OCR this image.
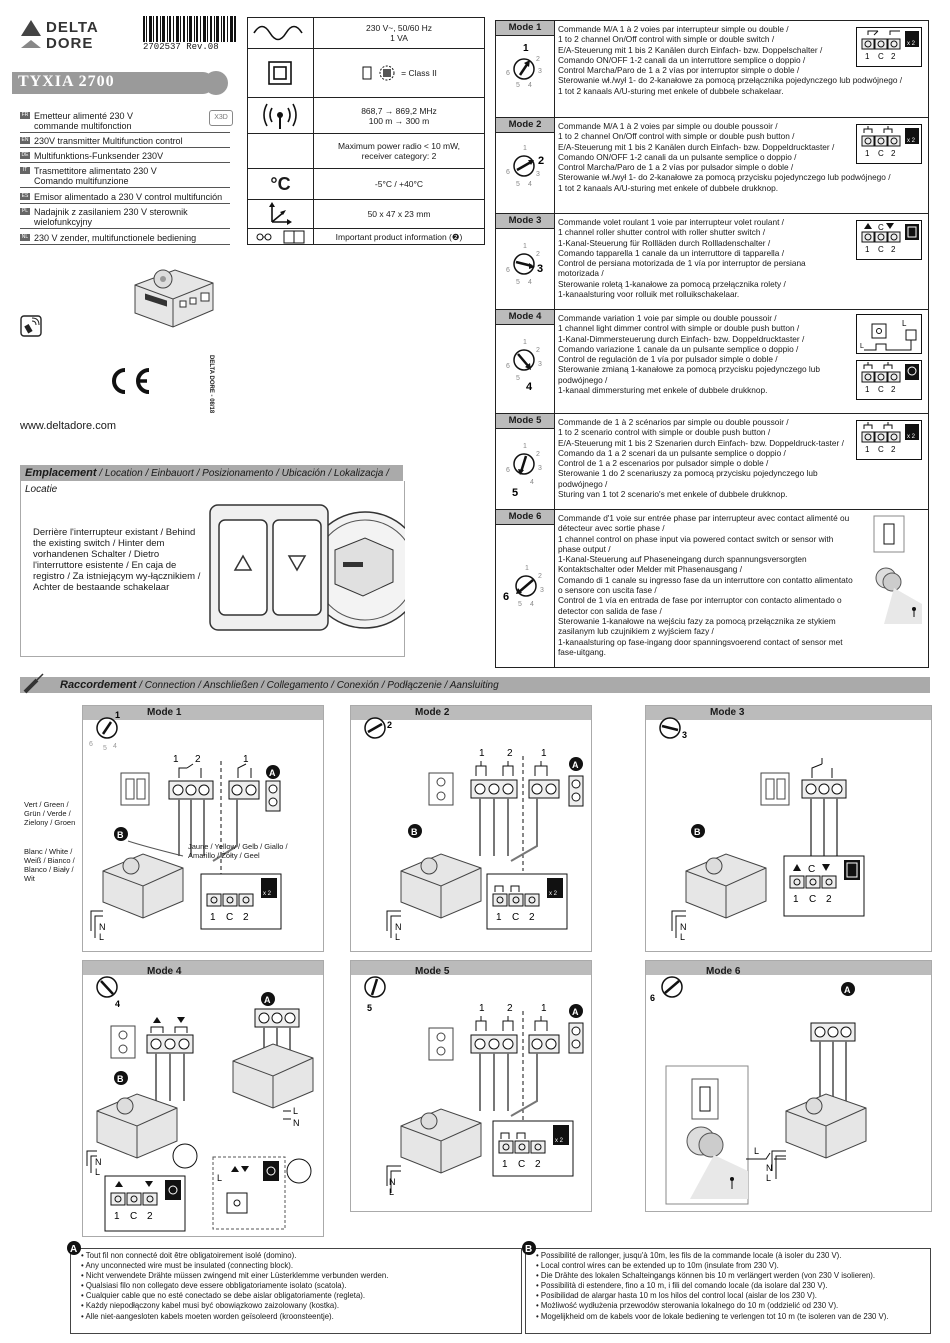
DELTA
DORE	2702537 Rev.08
TYXIA 2700
X3D
FR Emetteur alimenté 230 V commande multifonction
EN 230V transmitter Multifunction control
DE Multifunktions-Funksender 230V
IT Trasmettitore alimentato 230 V Comando multifunzione
ES Emisor alimentado a 230 V control multifunción
PL Nadajnik z zasilaniem 230 V sterownik wielofunkcyjny
NL 230 V zender, multifunctionele bediening
DELTA DORE - 08/18
www.deltadore.com
230 V~, 50/60 Hz
1 VA
= Class II
868,7 → 869,2 MHz
100 m → 300 m
Maximum power radio < 10 mW,
receiver category: 2
°C	-5°C / +40°C
50 x 47 x 23 mm
Important product information (❷)
Mode 1
1
2
3
4
5
6
Commande M/A 1 à 2 voies par interrupteur simple ou double /
1 to 2 channel On/Off control with simple or double switch /
E/A-Steuerung mit 1 bis 2 Kanälen durch Einfach- bzw. Doppelschalter /
Comando ON/OFF 1-2 canali da un interruttore semplice o doppio /
Control Marcha/Paro de 1 a 2 vías por interruptor simple o doble /
Sterowanie wł./wył 1- do 2-kanałowe za pomocą przełącznika pojedynczego lub podwójnego /
1 tot 2 kanaals A/U-sturing met enkele of dubbele schakelaar.
1 C 2
x 2
Mode 2
2
1
3
4
5
6
Commande M/A 1 à 2 voies par simple ou double poussoir /
1 to 2 channel On/Off control with simple or double push button /
E/A-Steuerung mit 1 bis 2 Kanälen durch Einfach- bzw. Doppeldrucktaster /
Comando ON/OFF 1-2 canali da un pulsante semplice o doppio /
Control Marcha/Paro de 1 a 2 vías por pulsador simple o doble /
Sterowanie wł./wył 1- do 2-kanałowe za pomocą przycisku pojedynczego lub podwójnego /
1 tot 2 kanaals A/U-sturing met enkele of dubbele drukknop.
1 C 2
x 2
Mode 3
3
1
2
4
5
6
Commande volet roulant 1 voie par interrupteur volet roulant /
1 channel roller shutter control with roller shutter switch /
1-Kanal-Steuerung für Rollläden durch Rollladenschalter /
Comando tapparella 1 canale da un interruttore di tapparella /
Control de persiana motorizada de 1 vía por interruptor de persiana motorizada /
Sterowanie roletą 1-kanałowe za pomocą przełącznika rolety /
1-kanaalsturing voor rolluik met rolluikschakelaar.
C
1 C 2
Mode 4
4
1
2
3
5
6
Commande variation 1 voie par simple ou double poussoir /
1 channel light dimmer control with simple or double push button /
1-Kanal-Dimmersteuerung durch Einfach- bzw. Doppeldrucktaster /
Comando variazione 1 canale da un pulsante semplice o doppio /
Control de regulación de 1 vía por pulsador simple o doble /
Sterowanie zmianą 1-kanałowe za pomocą przycisku pojedynczego lub podwójnego /
1-kanaal dimmersturing met enkele of dubbele drukknop.
L
L
1 C 2
Mode 5
5
1
2
3
4
6
Commande de 1 à 2 scénarios par simple ou double poussoir /
1 to 2 scenario control with simple or double push button /
E/A-Steuerung mit 1 bis 2 Szenarien durch Einfach- bzw. Doppeldruck-taster /
Comando da 1 a 2 scenari da un pulsante semplice o doppio /
Control de 1 a 2 escenarios por pulsador simple o doble /
Sterowanie 1 do 2 scenariuszy za pomocą przycisku pojedynczego lub podwójnego /
Sturing van 1 tot 2 scenario's met enkele of dubbele drukknop.
1 C 2
x 2
Mode 6
6
1
2
3
4
5
Commande d'1 voie sur entrée phase par interrupteur avec contact alimenté ou détecteur avec sortie phase /
1 channel control on phase input via powered contact switch or sensor with phase output /
1-Kanal-Steuerung auf Phaseneingang durch spannungsversorgten Kontaktschalter oder Melder mit Phasenausgang /
Comando di 1 canale su ingresso fase da un interruttore con contatto alimentato o sensore con uscita fase /
Control de 1 vía en entrada de fase por interruptor con contacto alimentado o detector con salida de fase /
Sterowanie 1-kanałowe na wejściu fazy za pomocą przełącznika ze stykiem zasilanym lub czujnikiem z wyjściem fazy /
1-kanaalsturing op fase-ingang door spanningsvoerend contact of sensor met fase-uitgang.
Emplacement / Location / Einbauort / Posizionamento / Ubicación / Lokalizacja / Locatie
Derrière l'interrupteur existant / Behind the existing switch / Hinter dem vorhandenen Schalter / Dietro l'interruttore esistente / En caja de registro / Za istniejącym wy-łącznikiem / Achter de bestaande schakelaar
Raccordement / Connection / Anschließen / Collegamento / Conexión / Podłączenie / Aansluiting
Mode 1
1
6
5 4
1 2	1
A
B
N
L
1 C 2
x 2
Vert / Green / Grün / Verde / Zielony / Groen
Blanc / White / Weiß / Bianco / Blanco / Biały / Wit
Jaune / Yellow / Gelb / Giallo / Amarillo / Żółty / Geel
Mode 2
2
1 2	1
A
B
N
L
1 C 2
x 2
Mode 3
3
B
N
L
C
1 C 2
Mode 4
4
B
N
L
1 C 2
A
L
N
L
Mode 5
5	1 2	1	A
N
L
1 C 2
x 2
Mode 6
6
A
N
L
L
• Tout fil non connecté doit être obligatoirement isolé (domino).
• Any unconnected wire must be insulated (connecting block).
• Nicht verwendete Drähte müssen zwingend mit einer Lüsterklemme verbunden werden.
• Qualsiasi filo non collegato deve essere obbligatoriamente isolato (scatola).
• Cualquier cable que no esté conectado se debe aislar obligatoriamente (regleta).
• Każdy niepodłączony kabel musi być obowiązkowo zaizolowany (kostka).
• Alle niet-aangesloten kabels moeten worden geïsoleerd (kroonsteentje).
A
• Possibilité de rallonger, jusqu'à 10m, les fils de la commande locale (à isoler du 230 V).
• Local control wires can be extended up to 10m (insulate from 230 V).
• Die Drähte des lokalen Schalteingangs können bis 10 m verlängert werden (von 230 V isolieren).
• Possibilità di estendere, fino a 10 m, i fili del comando locale (da isolare dal 230 V).
• Posibilidad de alargar hasta 10 m los hilos del control local (aislar de los 230 V).
• Możliwość wydłużenia przewodów sterowania lokalnego do 10 m (oddzielić od 230 V).
• Mogelijkheid om de kabels voor de lokale bediening te verlengen tot 10 m (te isoleren van de 230 V).
B
